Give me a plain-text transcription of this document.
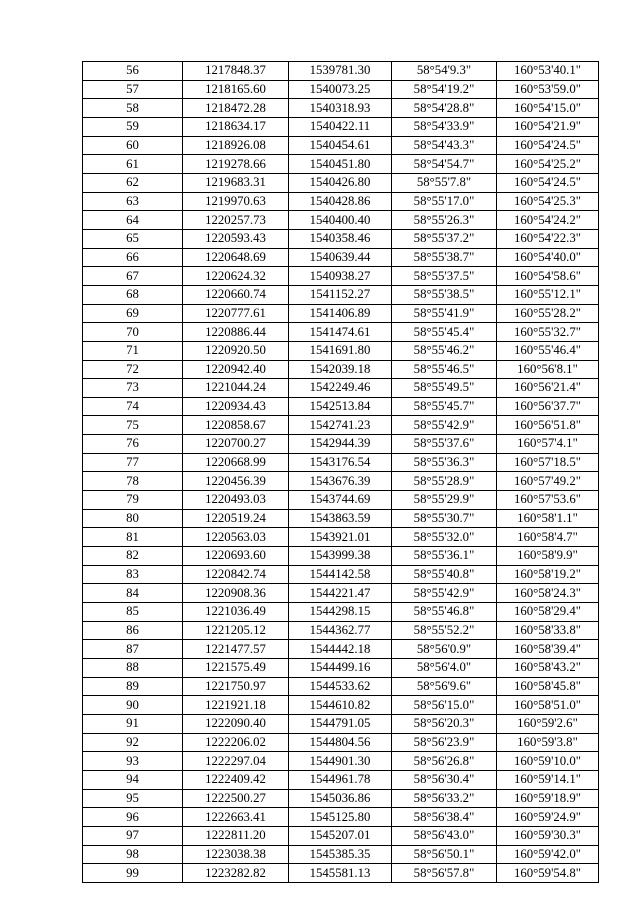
56	1217848.37	1539781.30	58°54'9.3"	160°53'40.1"
57	1218165.60	1540073.25	58°54'19.2"	160°53'59.0"
58	1218472.28	1540318.93	58°54'28.8"	160°54'15.0"
59	1218634.17	1540422.11	58°54'33.9"	160°54'21.9"
60	1218926.08	1540454.61	58°54'43.3"	160°54'24.5"
61	1219278.66	1540451.80	58°54'54.7"	160°54'25.2"
62	1219683.31	1540426.80	58°55'7.8"	160°54'24.5"
63	1219970.63	1540428.86	58°55'17.0"	160°54'25.3"
64	1220257.73	1540400.40	58°55'26.3"	160°54'24.2"
65	1220593.43	1540358.46	58°55'37.2"	160°54'22.3"
66	1220648.69	1540639.44	58°55'38.7"	160°54'40.0"
67	1220624.32	1540938.27	58°55'37.5"	160°54'58.6"
68	1220660.74	1541152.27	58°55'38.5"	160°55'12.1"
69	1220777.61	1541406.89	58°55'41.9"	160°55'28.2"
70	1220886.44	1541474.61	58°55'45.4"	160°55'32.7"
71	1220920.50	1541691.80	58°55'46.2"	160°55'46.4"
72	1220942.40	1542039.18	58°55'46.5"	160°56'8.1"
73	1221044.24	1542249.46	58°55'49.5"	160°56'21.4"
74	1220934.43	1542513.84	58°55'45.7"	160°56'37.7"
75	1220858.67	1542741.23	58°55'42.9"	160°56'51.8"
76	1220700.27	1542944.39	58°55'37.6"	160°57'4.1"
77	1220668.99	1543176.54	58°55'36.3"	160°57'18.5"
78	1220456.39	1543676.39	58°55'28.9"	160°57'49.2"
79	1220493.03	1543744.69	58°55'29.9"	160°57'53.6"
80	1220519.24	1543863.59	58°55'30.7"	160°58'1.1"
81	1220563.03	1543921.01	58°55'32.0"	160°58'4.7"
82	1220693.60	1543999.38	58°55'36.1"	160°58'9.9"
83	1220842.74	1544142.58	58°55'40.8"	160°58'19.2"
84	1220908.36	1544221.47	58°55'42.9"	160°58'24.3"
85	1221036.49	1544298.15	58°55'46.8"	160°58'29.4"
86	1221205.12	1544362.77	58°55'52.2"	160°58'33.8"
87	1221477.57	1544442.18	58°56'0.9"	160°58'39.4"
88	1221575.49	1544499.16	58°56'4.0"	160°58'43.2"
89	1221750.97	1544533.62	58°56'9.6"	160°58'45.8"
90	1221921.18	1544610.82	58°56'15.0"	160°58'51.0"
91	1222090.40	1544791.05	58°56'20.3"	160°59'2.6"
92	1222206.02	1544804.56	58°56'23.9"	160°59'3.8"
93	1222297.04	1544901.30	58°56'26.8"	160°59'10.0"
94	1222409.42	1544961.78	58°56'30.4"	160°59'14.1"
95	1222500.27	1545036.86	58°56'33.2"	160°59'18.9"
96	1222663.41	1545125.80	58°56'38.4"	160°59'24.9"
97	1222811.20	1545207.01	58°56'43.0"	160°59'30.3"
98	1223038.38	1545385.35	58°56'50.1"	160°59'42.0"
99	1223282.82	1545581.13	58°56'57.8"	160°59'54.8"
